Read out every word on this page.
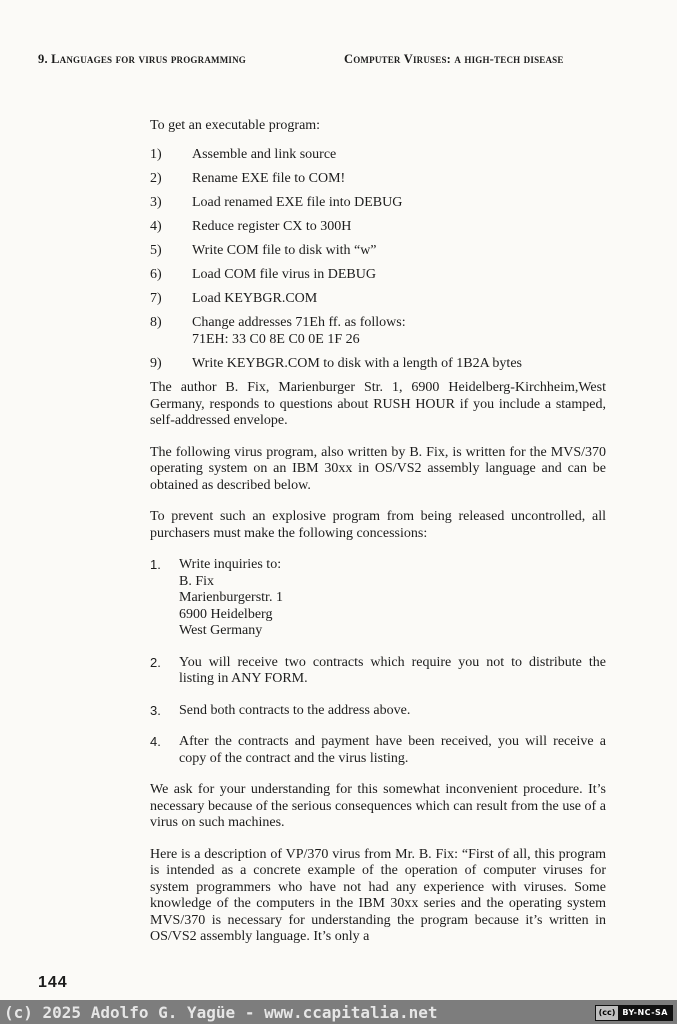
9. Languages for virus programming	Computer Viruses: a high-tech disease

To get an executable program:

1)	Assemble and link source
2)	Rename EXE file to COM!
3)	Load renamed EXE file into DEBUG
4)	Reduce register CX to 300H
5)	Write COM file to disk with “w”
6)	Load COM file virus in DEBUG
7)	Load KEYBGR.COM
8)	Change addresses 71Eh ff. as follows:
71EH: 33 C0 8E C0 0E 1F 26
9)	Write KEYBGR.COM to disk with a length of 1B2A bytes

The author B. Fix, Marienburger Str. 1, 6900 Heidelberg-Kirchheim,West Germany, responds to questions about RUSH HOUR if you include a stamped, self-addressed envelope.

The following virus program, also written by B. Fix, is written for the MVS/370 operating system on an IBM 30xx in OS/VS2 assembly language and can be obtained as described below.

To prevent such an explosive program from being released uncontrolled, all purchasers must make the following concessions:

1.	Write inquiries to:
B. Fix
Marienburgerstr. 1
6900 Heidelberg
West Germany
2.	You will receive two contracts which require you not to distribute the listing in ANY FORM.
3.	Send both contracts to the address above.
4.	After the contracts and payment have been received, you will receive a copy of the contract and the virus listing.

We ask for your understanding for this somewhat inconvenient procedure. It’s necessary because of the serious consequences which can result from the use of a virus on such machines.

Here is a description of VP/370 virus from Mr. B. Fix: “First of all, this program is intended as a concrete example of the operation of computer viruses for system programmers who have not had any experience with viruses. Some knowledge of the computers in the IBM 30xx series and the operating system MVS/370 is necessary for understanding the program because it’s written in OS/VS2 assembly language. It’s only a

144
(c) 2025 Adolfo G. Yagüe - www.ccapitalia.net	(cc) BY-NC-SA
